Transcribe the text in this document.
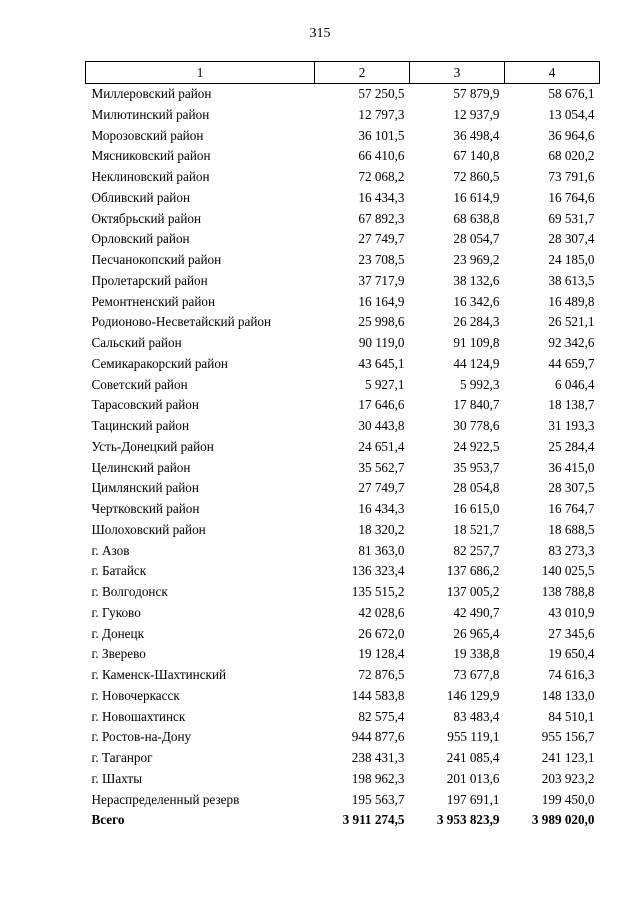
315
1	2	3	4
Миллеровский район	57 250,5	57 879,9	58 676,1
Милютинский район	12 797,3	12 937,9	13 054,4
Морозовский район	36 101,5	36 498,4	36 964,6
Мясниковский район	66 410,6	67 140,8	68 020,2
Неклиновский район	72 068,2	72 860,5	73 791,6
Обливский район	16 434,3	16 614,9	16 764,6
Октябрьский район	67 892,3	68 638,8	69 531,7
Орловский район	27 749,7	28 054,7	28 307,4
Песчанокопский район	23 708,5	23 969,2	24 185,0
Пролетарский район	37 717,9	38 132,6	38 613,5
Ремонтненский район	16 164,9	16 342,6	16 489,8
Родионово-Несветайский район	25 998,6	26 284,3	26 521,1
Сальский район	90 119,0	91 109,8	92 342,6
Семикаракорский район	43 645,1	44 124,9	44 659,7
Советский район	5 927,1	5 992,3	6 046,4
Тарасовский район	17 646,6	17 840,7	18 138,7
Тацинский район	30 443,8	30 778,6	31 193,3
Усть-Донецкий район	24 651,4	24 922,5	25 284,4
Целинский район	35 562,7	35 953,7	36 415,0
Цимлянский район	27 749,7	28 054,8	28 307,5
Чертковский район	16 434,3	16 615,0	16 764,7
Шолоховский район	18 320,2	18 521,7	18 688,5
г. Азов	81 363,0	82 257,7	83 273,3
г. Батайск	136 323,4	137 686,2	140 025,5
г. Волгодонск	135 515,2	137 005,2	138 788,8
г. Гуково	42 028,6	42 490,7	43 010,9
г. Донецк	26 672,0	26 965,4	27 345,6
г. Зверево	19 128,4	19 338,8	19 650,4
г. Каменск-Шахтинский	72 876,5	73 677,8	74 616,3
г. Новочеркасск	144 583,8	146 129,9	148 133,0
г. Новошахтинск	82 575,4	83 483,4	84 510,1
г. Ростов-на-Дону	944 877,6	955 119,1	955 156,7
г. Таганрог	238 431,3	241 085,4	241 123,1
г. Шахты	198 962,3	201 013,6	203 923,2
Нераспределенный резерв	195 563,7	197 691,1	199 450,0
Всего	3 911 274,5	3 953 823,9	3 989 020,0
